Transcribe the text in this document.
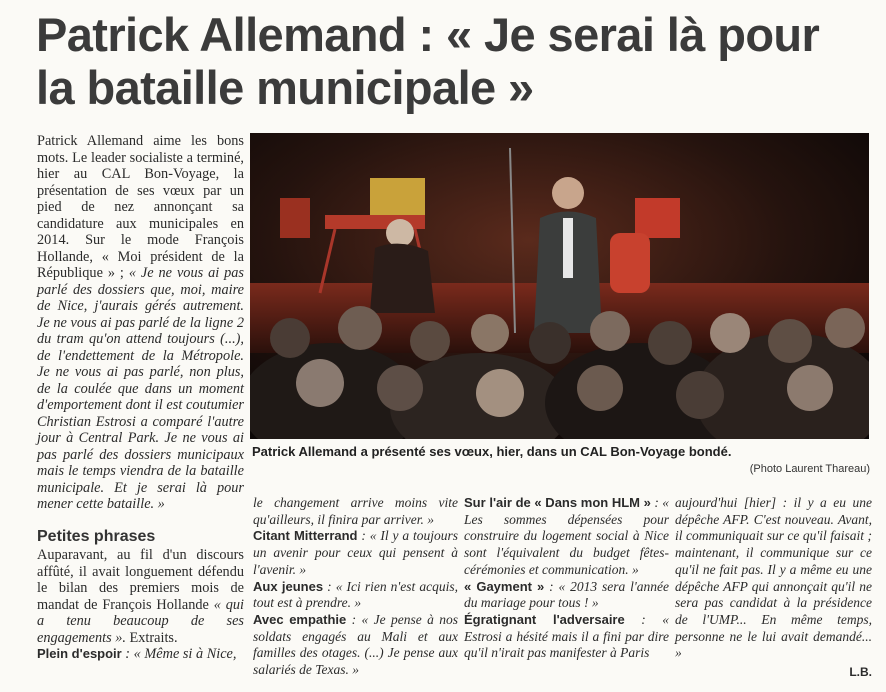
Patrick Allemand : « Je serai là pour la bataille municipale »

Patrick Allemand aime les bons mots. Le leader socialiste a terminé, hier au CAL Bon-Voyage, la présentation de ses vœux par un pied de nez annonçant sa candidature aux municipales en 2014. Sur le mode François Hollande, « Moi président de la République » ; « Je ne vous ai pas parlé des dossiers que, moi, maire de Nice, j'aurais gérés autrement. Je ne vous ai pas parlé de la ligne 2 du tram qu'on attend toujours (...), de l'endettement de la Métropole. Je ne vous ai pas parlé, non plus, de la coulée que dans un moment d'emportement dont il est coutumier Christian Estrosi a comparé l'autre jour à Central Park. Je ne vous ai pas parlé des dossiers municipaux mais le temps viendra de la bataille municipale. Et je serai là pour mener cette bataille. »

Petites phrases

Auparavant, au fil d'un discours affûté, il avait longuement défendu le bilan des premiers mois de mandat de François Hollande « qui a tenu beaucoup de ses engagements ». Extraits.

Plein d'espoir : « Même si à Nice,

Patrick Allemand a présenté ses vœux, hier, dans un CAL Bon-Voyage bondé.
(Photo Laurent Thareau)

le changement arrive moins vite qu'ailleurs, il finira par arriver. »

Citant Mitterrand : « Il y a toujours un avenir pour ceux qui pensent à l'avenir. »

Aux jeunes : « Ici rien n'est acquis, tout est à prendre. »

Avec empathie : « Je pense à nos soldats engagés au Mali et aux familles des otages. (...) Je pense aux salariés de Texas. »

Sur l'air de « Dans mon HLM » : « Les sommes dépensées pour construire du logement social à Nice sont l'équivalent du budget fêtes-cérémonies et communication. »

« Gayment » : « 2013 sera l'année du mariage pour tous ! »

Égratignant l'adversaire : « Estrosi a hésité mais il a fini par dire qu'il n'irait pas manifester à Paris

aujourd'hui [hier] : il y a eu une dépêche AFP. C'est nouveau. Avant, il communiquait sur ce qu'il faisait ; maintenant, il communique sur ce qu'il ne fait pas. Il y a même eu une dépêche AFP qui annonçait qu'il ne sera pas candidat à la présidence de l'UMP... En même temps, personne ne le lui avait demandé... »

L.B.
